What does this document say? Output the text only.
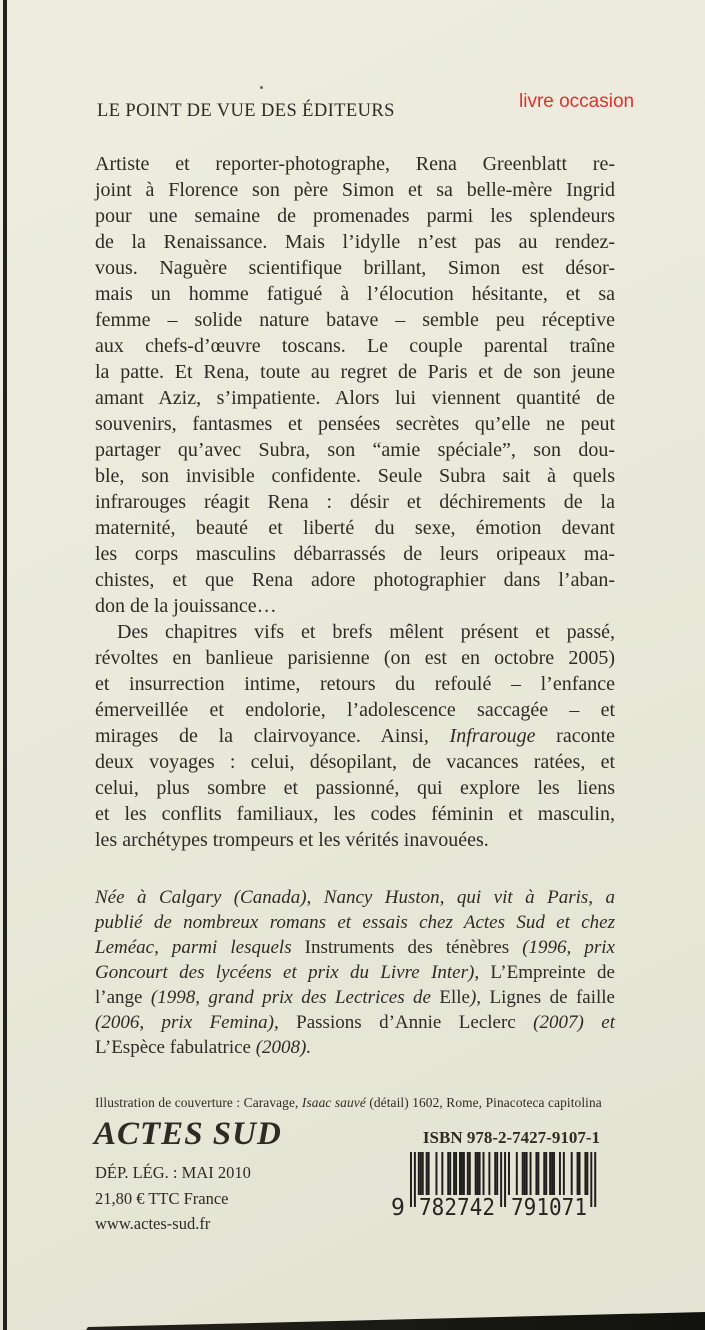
LE POINT DE VUE DES ÉDITEURS	livre occasion
Artiste et reporter-photographe, Rena Greenblatt re-
joint à Florence son père Simon et sa belle-mère Ingrid
pour une semaine de promenades parmi les splendeurs
de la Renaissance. Mais l’idylle n’est pas au rendez-
vous. Naguère scientifique brillant, Simon est désor-
mais un homme fatigué à l’élocution hésitante, et sa
femme – solide nature batave – semble peu réceptive
aux chefs-d’œuvre toscans. Le couple parental traîne
la patte. Et Rena, toute au regret de Paris et de son jeune
amant Aziz, s’impatiente. Alors lui viennent quantité de
souvenirs, fantasmes et pensées secrètes qu’elle ne peut
partager qu’avec Subra, son “amie spéciale”, son dou-
ble, son invisible confidente. Seule Subra sait à quels
infrarouges réagit Rena : désir et déchirements de la
maternité, beauté et liberté du sexe, émotion devant
les corps masculins débarrassés de leurs oripeaux ma-
chistes, et que Rena adore photographier dans l’aban-
don de la jouissance…
Des chapitres vifs et brefs mêlent présent et passé,
révoltes en banlieue parisienne (on est en octobre 2005)
et insurrection intime, retours du refoulé – l’enfance
émerveillée et endolorie, l’adolescence saccagée – et
mirages de la clairvoyance. Ainsi, Infrarouge raconte
deux voyages : celui, désopilant, de vacances ratées, et
celui, plus sombre et passionné, qui explore les liens
et les conflits familiaux, les codes féminin et masculin,
les archétypes trompeurs et les vérités inavouées.
Née à Calgary (Canada), Nancy Huston, qui vit à Paris, a
publié de nombreux romans et essais chez Actes Sud et chez
Leméac, parmi lesquels Instruments des ténèbres (1996, prix
Goncourt des lycéens et prix du Livre Inter), L’Empreinte de
l’ange (1998, grand prix des Lectrices de Elle), Lignes de faille
(2006, prix Femina), Passions d’Annie Leclerc (2007) et
L’Espèce fabulatrice (2008).
Illustration de couverture : Caravage, Isaac sauvé (détail) 1602, Rome, Pinacoteca capitolina
ACTES SUD	ISBN 978-2-7427-9107-1
DÉP. LÉG. : MAI 2010
21,80 € TTC France
www.actes-sud.fr
9 782742 791071
